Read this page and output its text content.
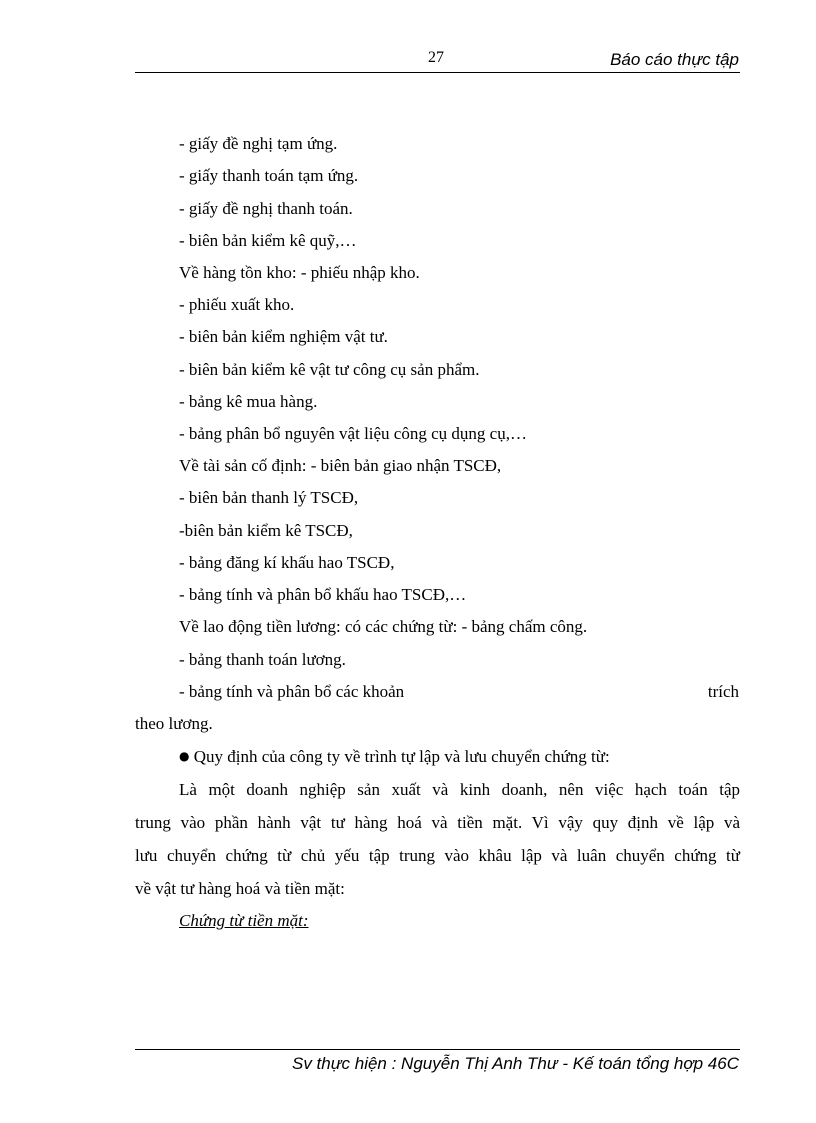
27	Báo cáo thực tập
- giấy đề nghị tạm ứng.
- giấy thanh toán tạm ứng.
- giấy đề nghị thanh toán.
- biên bản kiểm kê quỹ,…
Về hàng tồn kho: - phiếu nhập kho.
- phiếu xuất kho.
- biên bản kiểm nghiệm vật tư.
- biên bản kiểm kê vật tư công cụ sản phẩm.
- bảng kê mua hàng.
- bảng phân bổ nguyên vật liệu công cụ dụng cụ,…
Về tài sản cố định: - biên bản giao nhận TSCĐ,
- biên bản thanh lý TSCĐ,
-biên bản kiểm kê TSCĐ,
- bảng đăng kí khấu hao TSCĐ,
- bảng tính và phân bổ khấu hao TSCĐ,…
Về lao động tiền lương: có các chứng từ: - bảng chấm công.
- bảng thanh toán lương.
- bảng tính và phân bổ các khoản	trích
theo lương.
● Quy định của công ty về trình tự lập và lưu chuyển chứng từ:
Là một doanh nghiệp sản xuất và kinh doanh, nên việc hạch toán tập
trung vào phần hành vật tư hàng hoá và tiền mặt. Vì vậy quy định về lập và
lưu chuyển chứng từ chủ yếu tập trung vào khâu lập và luân chuyển chứng từ
về vật tư hàng hoá và tiền mặt:
Chứng từ tiền mặt:
Sv thực hiện : Nguyễn Thị Anh Thư - Kế toán tổng hợp 46C
